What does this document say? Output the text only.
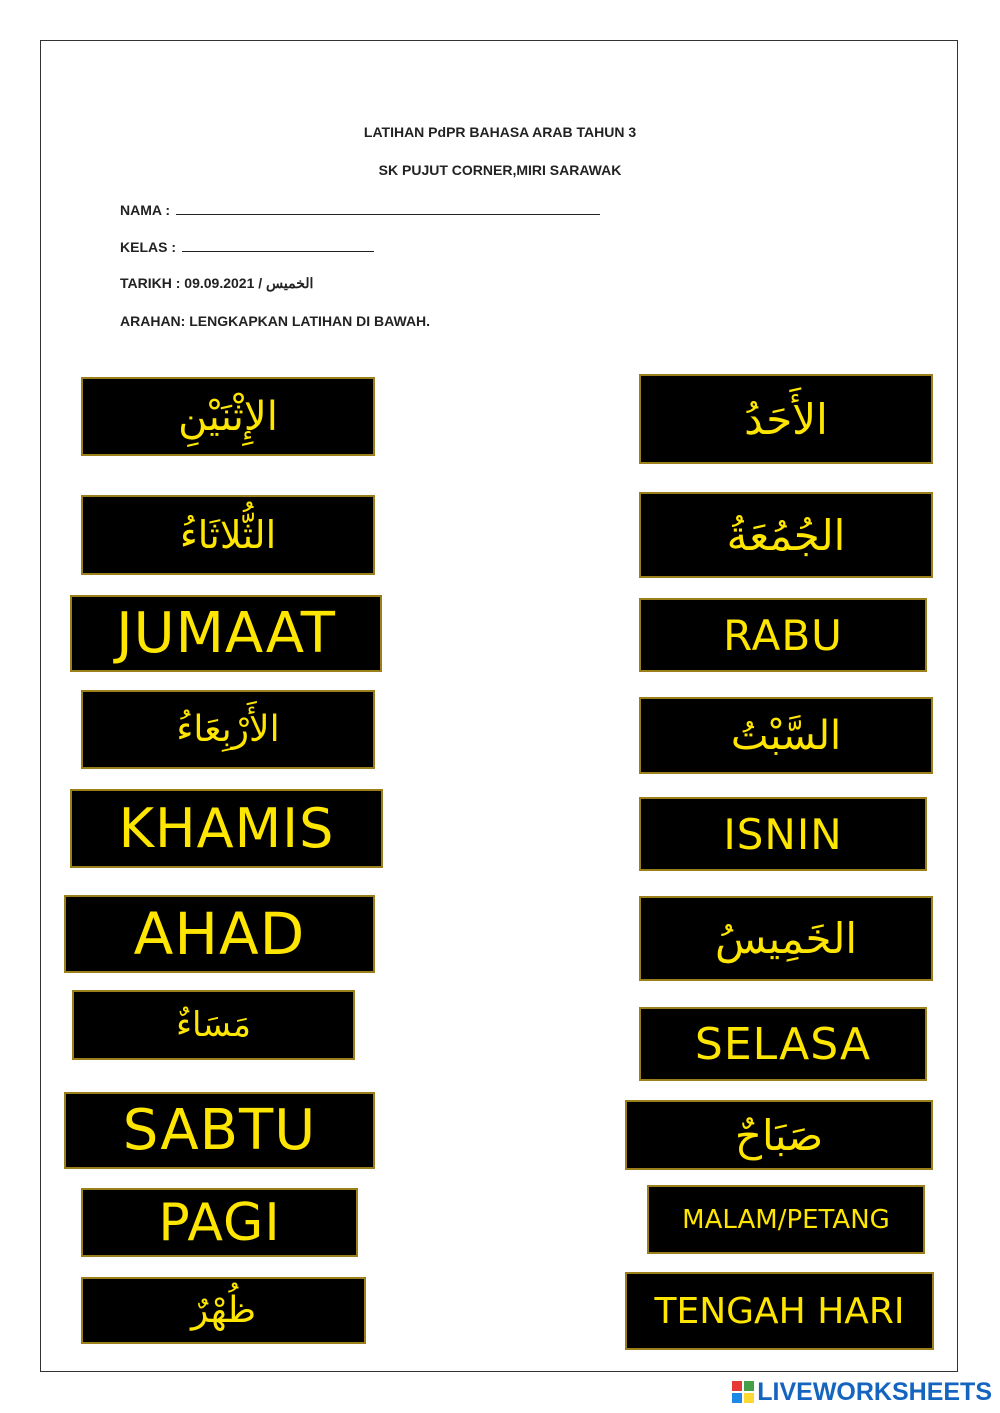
LATIHAN PdPR BAHASA ARAB TAHUN 3
SK PUJUT CORNER,MIRI SARAWAK
NAMA :
KELAS :
TARIKH : 09.09.2021 / الخميس
ARAHAN: LENGKAPKAN LATIHAN DI BAWAH.
الإِثْنَيْنِ
الثُّلاثَاءُ
JUMAAT
الأَرْبِعَاءُ
KHAMIS
AHAD
مَسَاءٌ
SABTU
PAGI
ظُهْرٌ
الأَحَدُ
الجُمُعَةُ
RABU
السَّبْتُ
ISNIN
الخَمِيسُ
SELASA
صَبَاحٌ
MALAM/PETANG
TENGAH HARI
LIVEWORKSHEETS
